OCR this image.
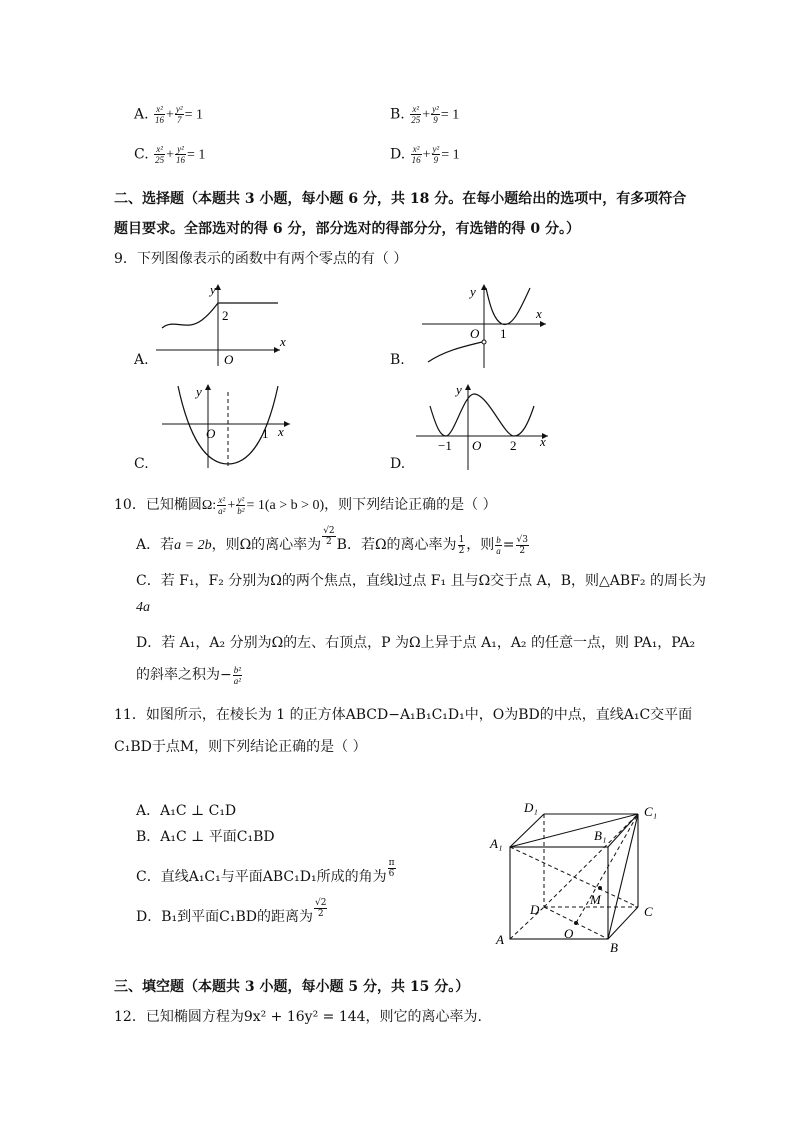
A. $\frac{\text{x²}}{16} + \frac{\text{y²}}{7} = 1$	B. $\frac{\text{x²}}{25} + \frac{\text{y²}}{9} = 1$
C. $\frac{\text{x²}}{25} + \frac{\text{y²}}{16} = 1$	D. $\frac{\text{x²}}{16} + \frac{\text{y²}}{9} = 1$
二、选择题（本题共 3 小题，每小题 6 分，共 18 分。在每小题给出的选项中，有多项符合
题目要求。全部选对的得 6 分，部分选对的得部分分，有选错的得 0 分。）
9．下列图像表示的函数中有两个零点的有（ ）
A.
y
x
O
2
B.
y
x
O 1
C.
y
x
O	1
D.
y
x
O
−1	2
10．已知椭圆Ω: $\frac{\text{x²}}{\text{a²}} + \frac{\text{y²}}{\text{b²}} = 1(a > b > 0)$，则下列结论正确的是（ ）
A．若a = 2b，则Ω的离心率为 $\frac{√2}{2}$ B．若Ω的离心率为 $\frac{1}{2}$ ，则 $\frac{b}{a} = \frac{√3}{2}$
C．若 F₁，F₂ 分别为Ω的两个焦点，直线l过点 F₁ 且与Ω交于点 A，B，则△ABF₂ 的周长为
4a
D．若 A₁，A₂ 分别为Ω的左、右顶点，P 为Ω上异于点 A₁，A₂ 的任意一点，则 PA₁，PA₂
的斜率之积为− $\frac{\text{b²}}{\text{a²}}$
11．如图所示，在棱长为 1 的正方体ABCD−A₁B₁C₁D₁中，O为BD的中点，直线A₁C交平面
C₁BD于点M，则下列结论正确的是（ ）
A．A₁C ⊥ C₁D
B．A₁C ⊥ 平面C₁BD
C．直线A₁C₁与平面ABC₁D₁所成的角为 $\frac{\pi}{6}$
D．B₁到平面C₁BD的距离为 $\frac{√2}{2}$
D₁	C₁
B₁
A₁
D	C
B
A
M
O
三、填空题（本题共 3 小题，每小题 5 分，共 15 分。）
12．已知椭圆方程为9x² + 16y² = 144，则它的离心率为.
